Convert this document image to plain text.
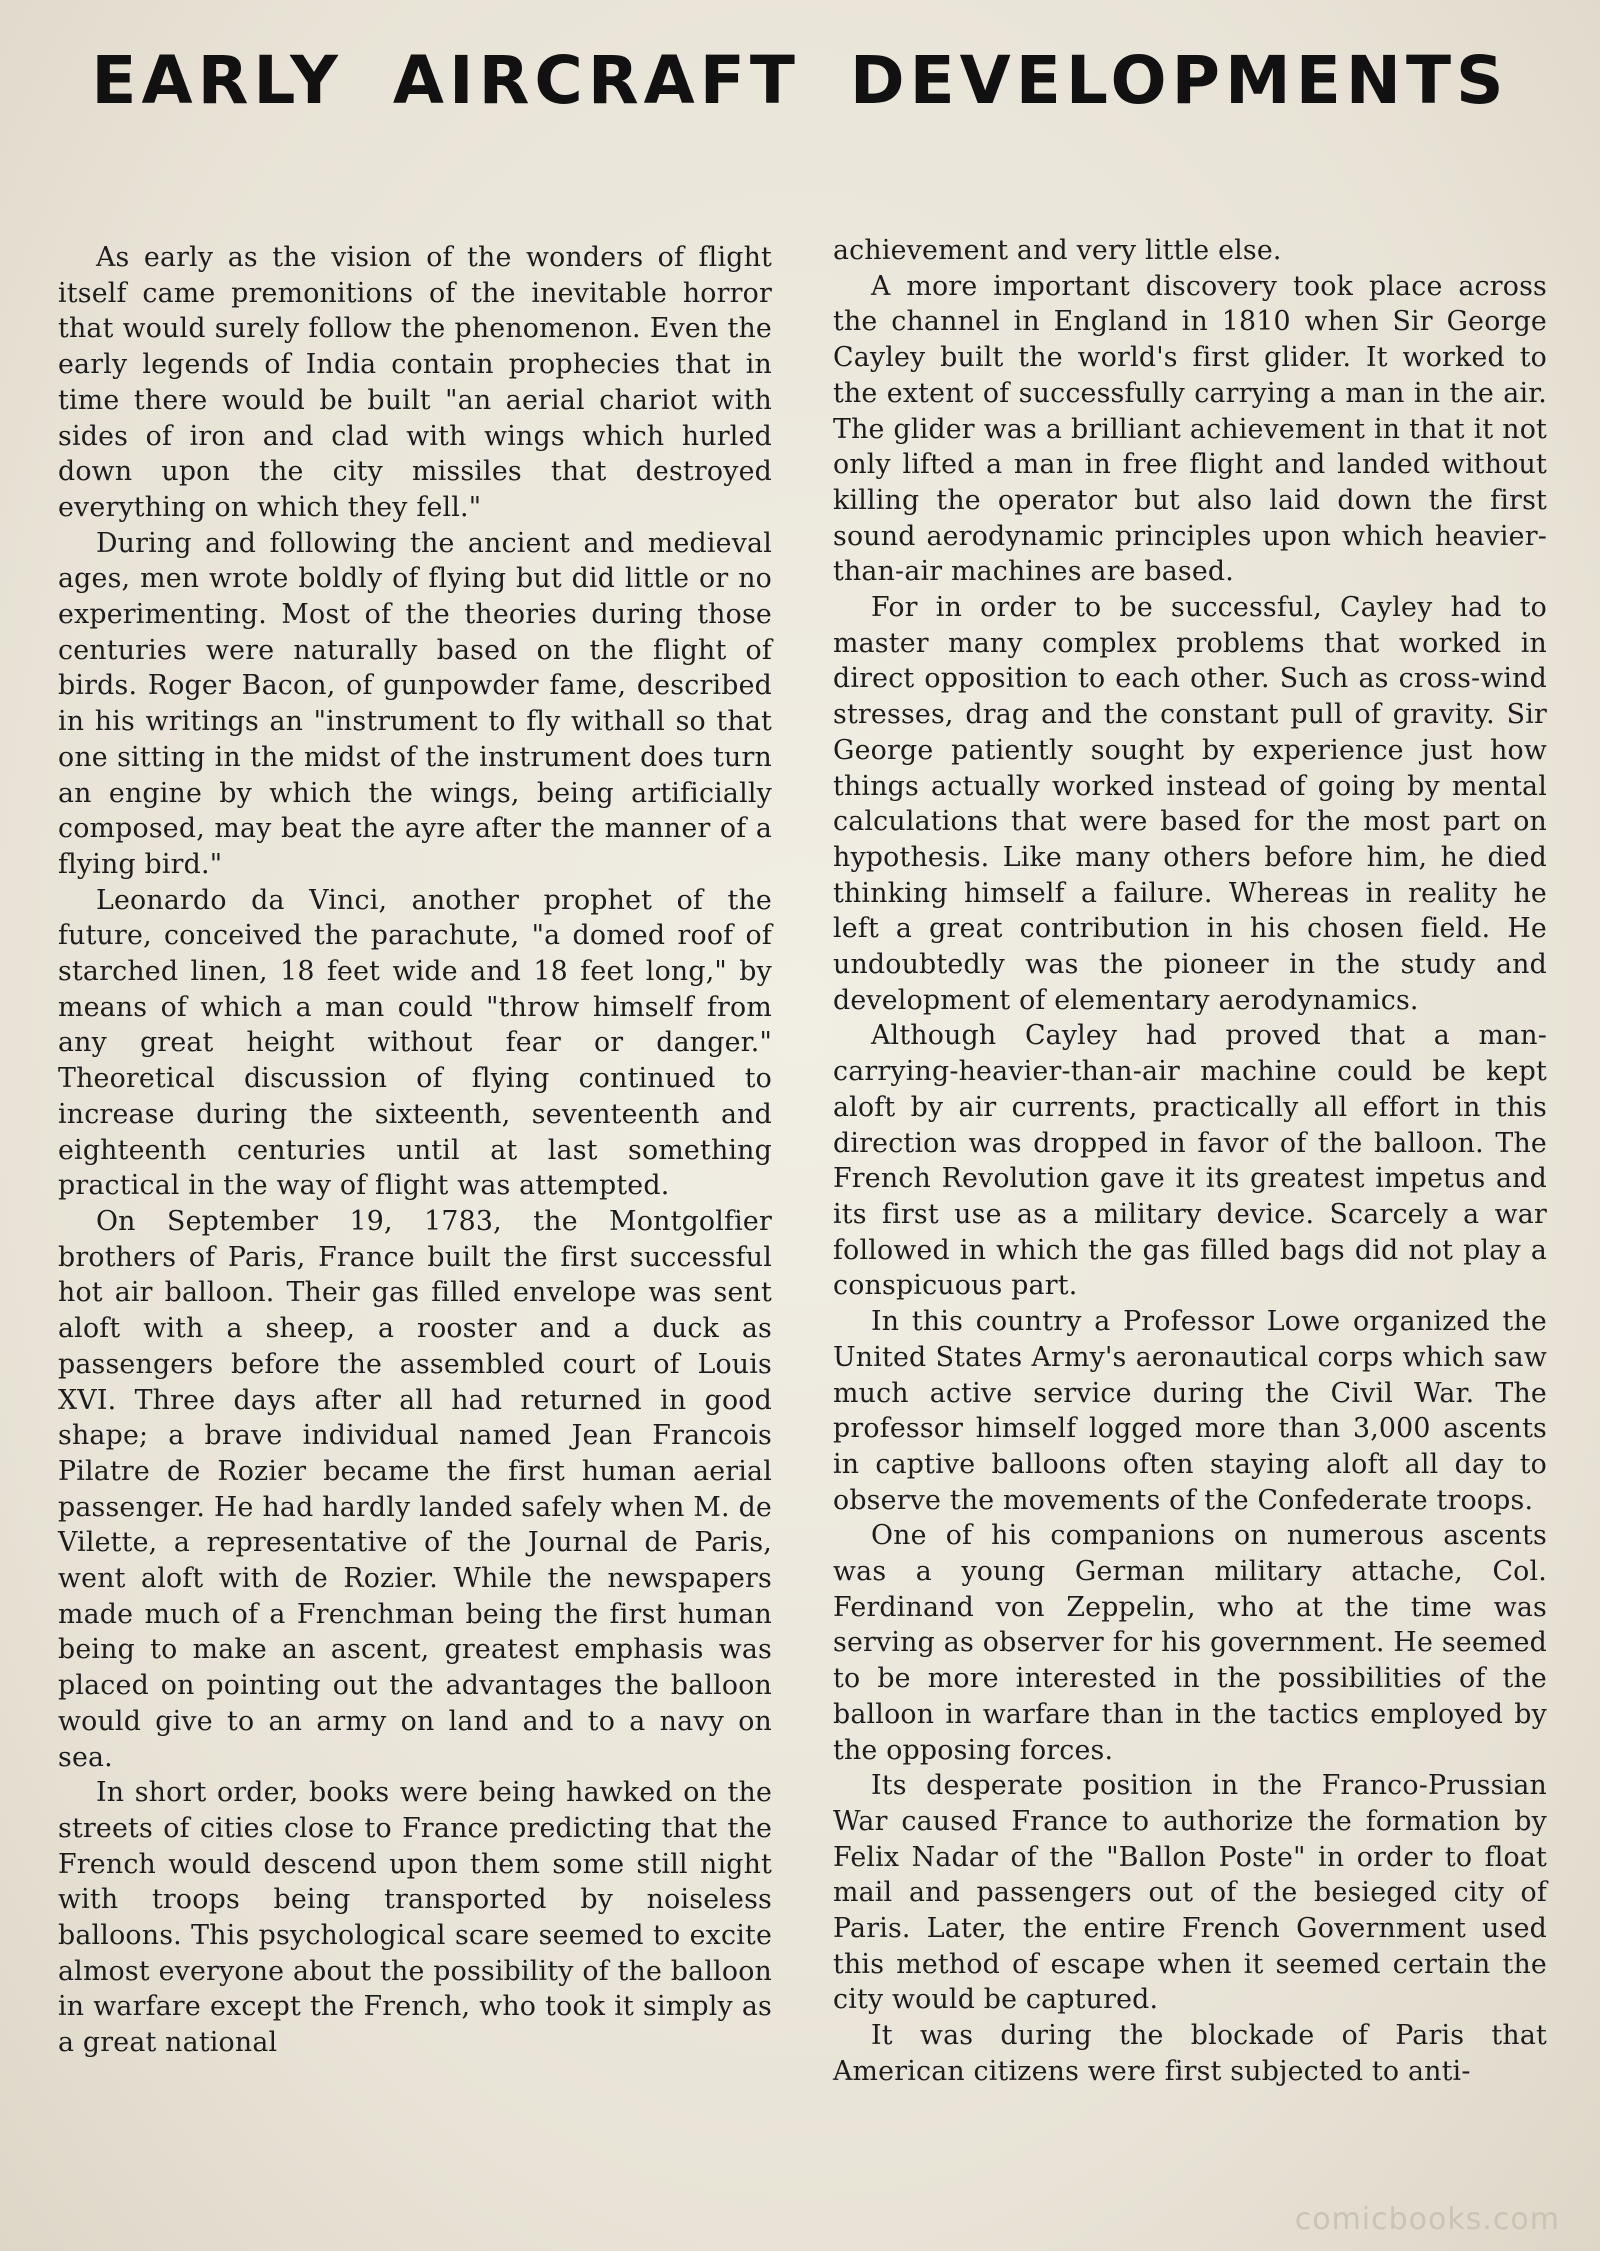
EARLY AIRCRAFT DEVELOPMENTS

As early as the vision of the wonders of flight itself came premonitions of the inevitable horror that would surely follow the phenomenon. Even the early legends of India contain prophecies that in time there would be built "an aerial chariot with sides of iron and clad with wings which hurled down upon the city missiles that destroyed everything on which they fell."

During and following the ancient and medieval ages, men wrote boldly of flying but did little or no experimenting. Most of the theories during those centuries were naturally based on the flight of birds. Roger Bacon, of gunpowder fame, described in his writings an "instrument to fly withall so that one sitting in the midst of the instrument does turn an engine by which the wings, being artificially composed, may beat the ayre after the manner of a flying bird."

Leonardo da Vinci, another prophet of the future, conceived the parachute, "a domed roof of starched linen, 18 feet wide and 18 feet long," by means of which a man could "throw himself from any great height without fear or danger." Theoretical discussion of flying continued to increase during the sixteenth, seventeenth and eighteenth centuries until at last something practical in the way of flight was attempted.

On September 19, 1783, the Montgolfier brothers of Paris, France built the first successful hot air balloon. Their gas filled envelope was sent aloft with a sheep, a rooster and a duck as passengers before the assembled court of Louis XVI. Three days after all had returned in good shape; a brave individual named Jean Francois Pilatre de Rozier became the first human aerial passenger. He had hardly landed safely when M. de Vilette, a representative of the Journal de Paris, went aloft with de Rozier. While the newspapers made much of a Frenchman being the first human being to make an ascent, greatest emphasis was placed on pointing out the advantages the balloon would give to an army on land and to a navy on sea.

In short order, books were being hawked on the streets of cities close to France predicting that the French would descend upon them some still night with troops being transported by noiseless balloons. This psychological scare seemed to excite almost everyone about the possibility of the balloon in warfare except the French, who took it simply as a great national

achievement and very little else.

A more important discovery took place across the channel in England in 1810 when Sir George Cayley built the world's first glider. It worked to the extent of successfully carrying a man in the air. The glider was a brilliant achievement in that it not only lifted a man in free flight and landed without killing the operator but also laid down the first sound aerodynamic principles upon which heavier-than-air machines are based.

For in order to be successful, Cayley had to master many complex problems that worked in direct opposition to each other. Such as cross-wind stresses, drag and the constant pull of gravity. Sir George patiently sought by experience just how things actually worked instead of going by mental calculations that were based for the most part on hypothesis. Like many others before him, he died thinking himself a failure. Whereas in reality he left a great contribution in his chosen field. He undoubtedly was the pioneer in the study and development of elementary aerodynamics.

Although Cayley had proved that a man-carrying-heavier-than-air machine could be kept aloft by air currents, practically all effort in this direction was dropped in favor of the balloon. The French Revolution gave it its greatest impetus and its first use as a military device. Scarcely a war followed in which the gas filled bags did not play a conspicuous part.

In this country a Professor Lowe organized the United States Army's aeronautical corps which saw much active service during the Civil War. The professor himself logged more than 3,000 ascents in captive balloons often staying aloft all day to observe the movements of the Confederate troops.

One of his companions on numerous ascents was a young German military attache, Col. Ferdinand von Zeppelin, who at the time was serving as observer for his government. He seemed to be more interested in the possibilities of the balloon in warfare than in the tactics employed by the opposing forces.

Its desperate position in the Franco-Prussian War caused France to authorize the formation by Felix Nadar of the "Ballon Poste" in order to float mail and passengers out of the besieged city of Paris. Later, the entire French Government used this method of escape when it seemed certain the city would be captured.

It was during the blockade of Paris that American citizens were first subjected to anti-

comicbooks.com
